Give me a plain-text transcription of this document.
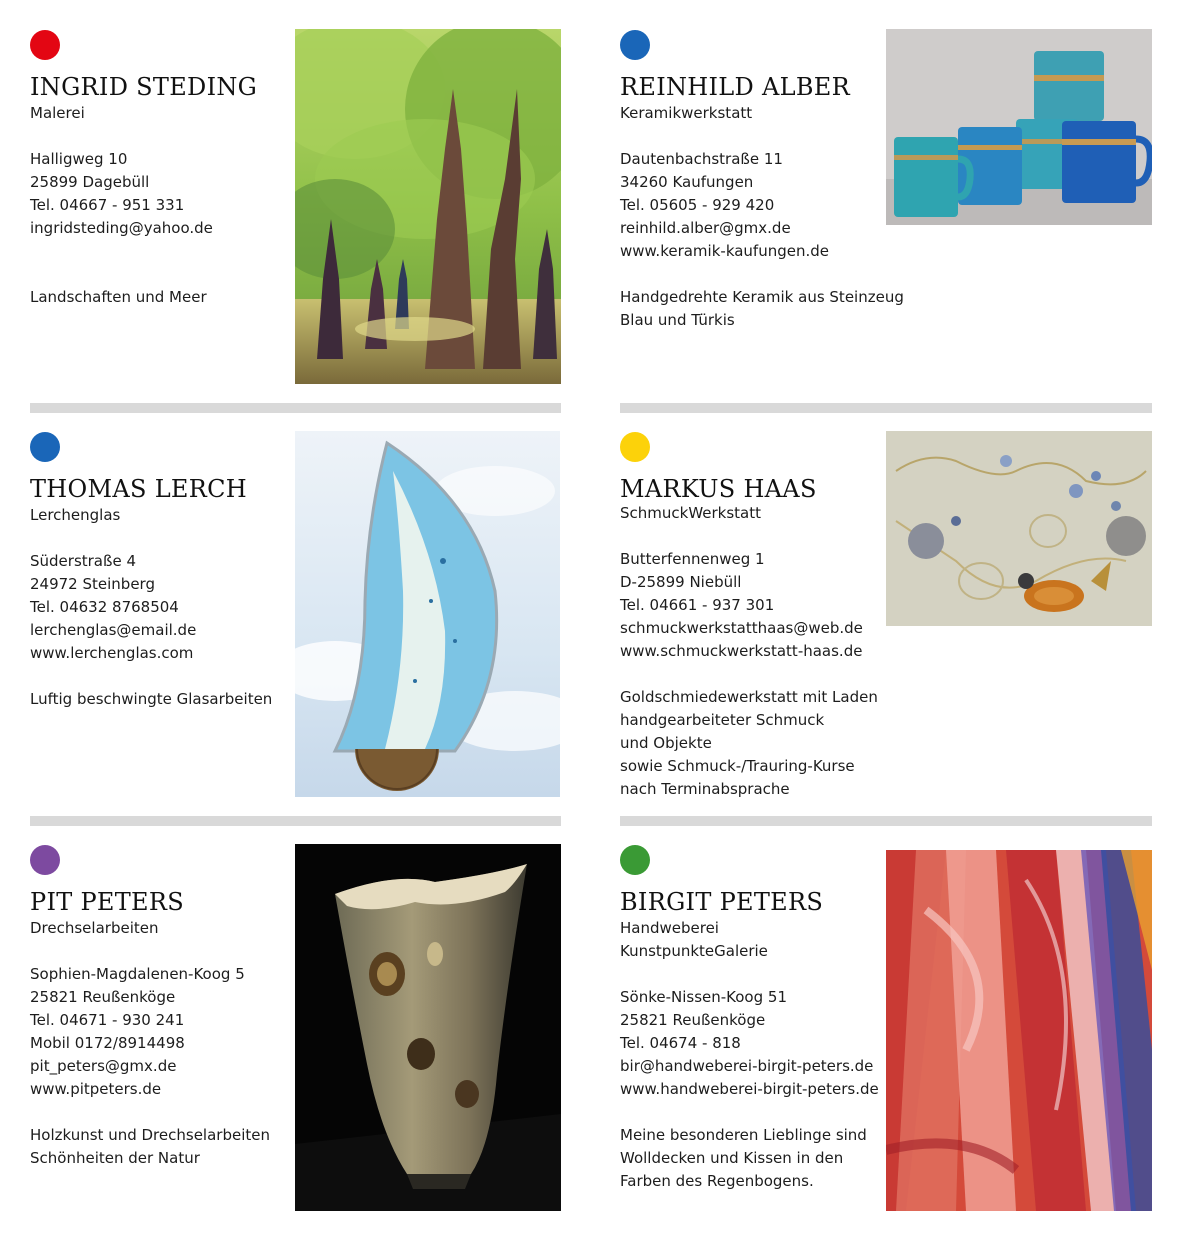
INGRID STEDING
Malerei
Halligweg 10
25899 Dagebüll
Tel. 04667 - 951 331
ingridsteding@yahoo.de
Landschaften und Meer
REINHILD ALBER
Keramikwerkstatt
Dautenbachstraße 11
34260 Kaufungen
Tel. 05605 - 929 420
reinhild.alber@gmx.de
www.keramik-kaufungen.de
Handgedrehte Keramik aus Steinzeug
Blau und Türkis
THOMAS LERCH
Lerchenglas
Süderstraße 4
24972 Steinberg
Tel. 04632 8768504
lerchenglas@email.de
www.lerchenglas.com
Luftig beschwingte Glasarbeiten
MARKUS HAAS
SchmuckWerkstatt
Butterfennenweg 1
D-25899 Niebüll
Tel. 04661 - 937 301
schmuckwerkstatthaas@web.de
www.schmuckwerkstatt-haas.de
Goldschmiedewerkstatt mit Laden
handgearbeiteter Schmuck
und Objekte
sowie Schmuck-/Trauring-Kurse
nach Terminabsprache
PIT PETERS
Drechselarbeiten
Sophien-Magdalenen-Koog 5
25821 Reußenköge
Tel. 04671 - 930 241
Mobil 0172/8914498
pit_peters@gmx.de
www.pitpeters.de
Holzkunst und Drechselarbeiten
Schönheiten der Natur
BIRGIT PETERS
Handweberei
KunstpunkteGalerie
Sönke-Nissen-Koog 51
25821 Reußenköge
Tel. 04674 - 818
bir@handweberei-birgit-peters.de
www.handweberei-birgit-peters.de
Meine besonderen Lieblinge sind
Wolldecken und Kissen in den
Farben des Regenbogens.
